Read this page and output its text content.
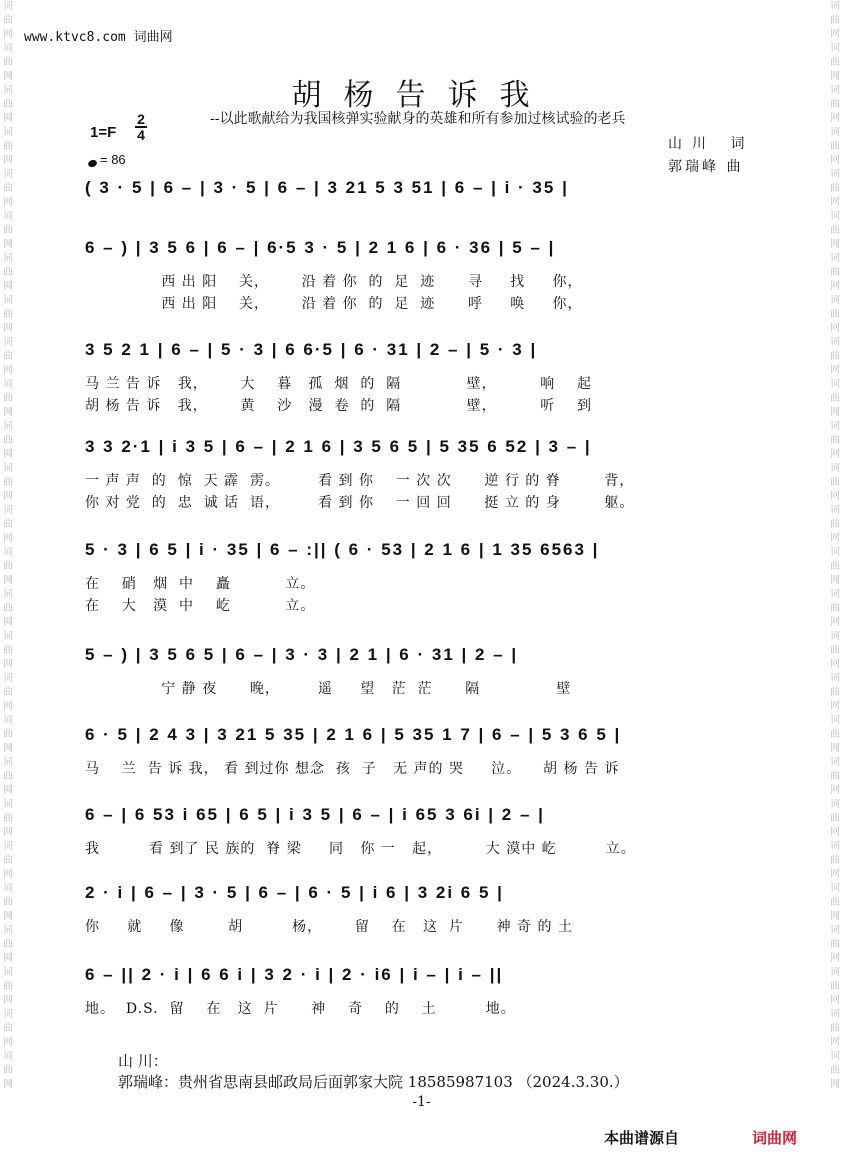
词曲网词曲网词曲网词曲网词曲网词曲网词曲网词曲网词曲网词曲网词曲网词曲网词曲网词曲网词曲网词曲网词曲网词曲网词曲网词曲网词曲网词曲网词曲网词曲网词曲网词曲网
词曲网词曲网词曲网词曲网词曲网词曲网词曲网词曲网词曲网词曲网词曲网词曲网词曲网词曲网词曲网词曲网词曲网词曲网词曲网词曲网词曲网词曲网词曲网词曲网词曲网词曲网
www.ktvc8.com 词曲网
胡杨告诉我
--以此歌献给为我国核弹实验献身的英雄和所有参加过核试验的老兵
1=F
2
4
山川 词
= 86	郭瑞峰 曲
( 3 · 5 | 6 – | 3 · 5 | 6 – | 3 21 5 3 51 | 6 – | i · 35 |
6 – ) | 3 5 6 | 6 – | 6·5 3 · 5 | 2 1 6 | 6 · 36 | 5 – |
西 出 阳    关，      沿 着 你  的  足  迹      寻     找     你，
西 出 阳    关，      沿 着 你  的  足  迹      呼     唤     你，
3 5 2 1 | 6 – | 5 · 3 | 6 6·5 | 6 · 31 | 2 – | 5 · 3 |
马 兰 告 诉   我，      大    暮   孤  烟  的  隔            壁，        响    起
胡 杨 告 诉   我，      黄    沙   漫  卷  的  隔            壁，        听    到
3 3 2·1 | i 3 5 | 6 – | 2 1 6 | 3 5 6 5 | 5 35 6 52 | 3 – |
一 声 声  的  惊  天 霹  雳。       看 到 你    一 次 次      逆 行 的 脊        背，
你 对 党  的  忠  诚 话  语，       看 到 你    一 回 回      挺 立 的 身        躯。
5 · 3 | 6 5 | i · 35 | 6 – :|| ( 6 · 53 | 2 1 6 | 1 35 6563 |
在    硝   烟  中    矗          立。
在    大   漠  中    屹          立。
5 – ) | 3 5 6 5 | 6 – | 3 · 3 | 2 1 | 6 · 31 | 2 – |
宁 静 夜      晚，       遥     望   茫  茫      隔              壁
6 · 5 | 2 4 3 | 3 21 5 35 | 2 1 6 | 5 35 1 7 | 6 – | 5 3 6 5 |
马    兰  告 诉 我， 看 到过你 想念  孩  子   无 声的 哭     泣。    胡 杨 告 诉
6 – | 6 53 i 65 | 6 5 | i 3 5 | 6 – | i 65 3 6i | 2 – |
我         看 到了 民 族的  脊 梁     同   你 一   起，        大 漠中 屹         立。
2 · i | 6 – | 3 · 5 | 6 – | 6 · 5 | i 6 | 3 2i 6 5 |
你     就     像        胡         杨，      留    在   这  片      神 奇 的 土
6 – || 2 · i | 6 6 i | 3 2 · i | 2 · i6 | i – | i – ||
地。  D.S.  留    在   这  片      神    奇    的    土         地。
山 川：
郭瑞峰：贵州省思南县邮政局后面郭家大院 18585987103 （2024.3.30.）
-1-
本曲谱源自	词曲网
